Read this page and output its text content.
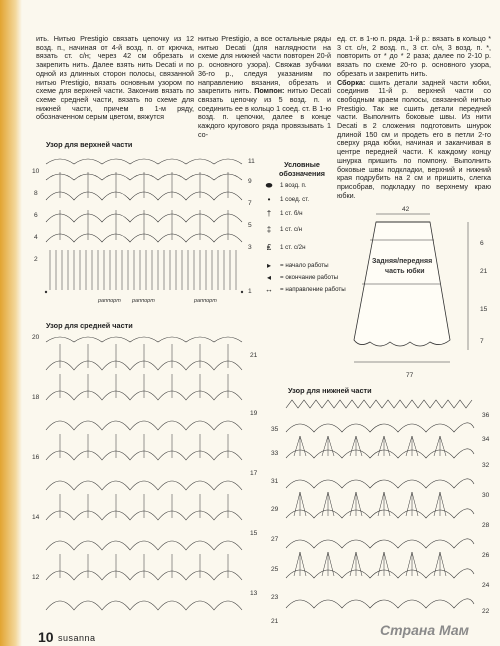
ить. Нитью Prestigio связать цепочку из 12 возд. п., начиная от 4-й возд. п. от крючка, вязать ст. с/н; через 42 см обрезать и закрепить нить. Далее взять нить Decati и по одной из длинных сторон полосы, связанной нитью Prestigio, вязать основным узором по схеме для верхней части. Закончив вязать по схеме средней части, вязать по схеме для нижней части, причем в 1-м ряду, обозначенном серым цветом, вяжутся

нитью Prestigio, а все остальные ряды нитью Decati (для наглядности на схеме для нижней части повторен 20-й р. основного узора). Свяжав зубчики 36-го р., следуя указаниям по направлению вязания, обрезать и закрепить нить. Помпон: нитью Decati связать цепочку из 5 возд. п. и соединить ее в кольцо 1 соед. ст. В 1-ю возд. п. цепочки, далее в конце каждого кругового ряда провязывать 1 со-

ед. ст. в 1-ю п. ряда. 1-й р.: вязать в кольцо * 3 ст. с/н, 2 возд. п., 3 ст. с/н, 3 возд. п. *, повторить от * до * 2 раза; далее по 2-10 р. вязать по схеме 20-го р. основного узора, обрезать и закрепить нить.

Сборка: сшить детали задней части юбки, соединив 11-й р. верхней части со свободным краем полосы, связанной нитью Prestigio. Так же сшить детали передней части. Выполнить боковые швы. Из нити Decati в 2 сложения подготовить шнурок длиной 150 см и продеть его в петли 2-го сверху ряда юбки, начиная и заканчивая в центре передней части. К каждому концу шнурка пришить по помпону. Выполнить боковые швы подкладки, верхний и нижний края подрубить на 2 см и пришить, слегка присобрав, подкладку по верхнему краю юбки.

Узор для верхней части
11
9
7
5
3
1
10
8
6
4
2
раппорт раппорт	раппорт
Условные обозначения
⬬	1 возд. п.
•	1 соед. ст.
†	1 ст. б/н
‡	1 ст. с/н
₤	1 ст. с/2н
▸	= начало работы
◂	= окончание работы
↔	= направление работы
42
Задняя/передняя
часть юбки
77
6
21
15
7
Узор для средней части
21
19
17
15
13
20
18
16
14
12
Узор для нижней части
36
34
32
30
28
26
24
22
35
33
31
29
27
25
23
21
10 susanna	Страна Мам
